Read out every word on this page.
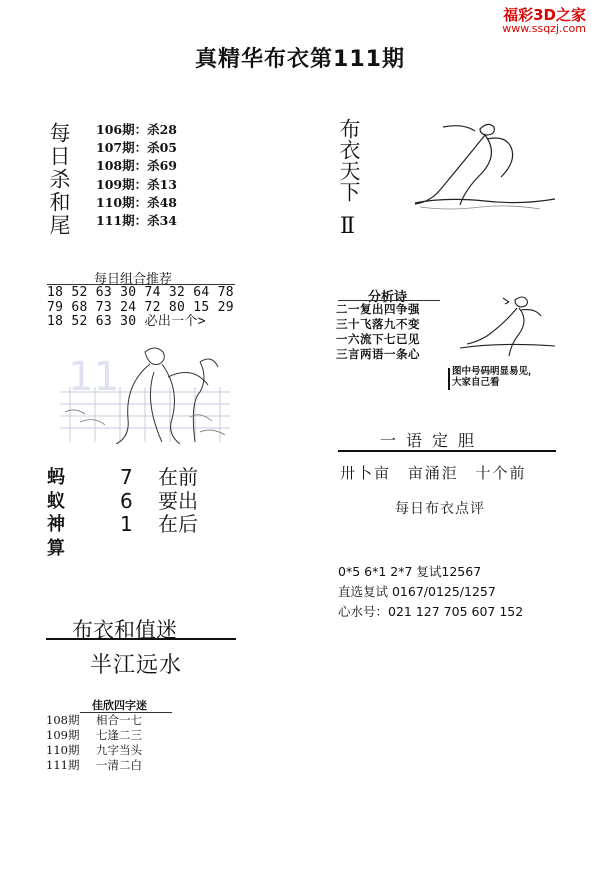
福彩3D之家
www.ssqzj.com
真精华布衣第111期
每日杀和尾 106期：杀28
107期：杀05
108期：杀69
109期：杀13
110期：杀48
111期：杀34
每日组合推荐
18 52 63 30 74 32 64 78
79 68 73 24 72 80 15 29
18 52 63 30 必出一个>
11
蚂
蚁
神
算
7 在前
6 要出
1 在后
布衣和值迷
半江远水
佳欣四字迷
108期 相合一七
109期 七逢二三
110期 九字当头
111期 一清二白
布衣天下
Ⅱ
分析诗
二一复出四争强
三十飞落九不变
一六流下七已见
三言两语一条心
图中号码明显易见，
大家自己看
一语定胆
卅卜亩 亩涌洰 十个前
每日布衣点评
0*5 6*1 2*7 复试12567
直选复试 0167/0125/1257
心水号：021 127 705 607 152
